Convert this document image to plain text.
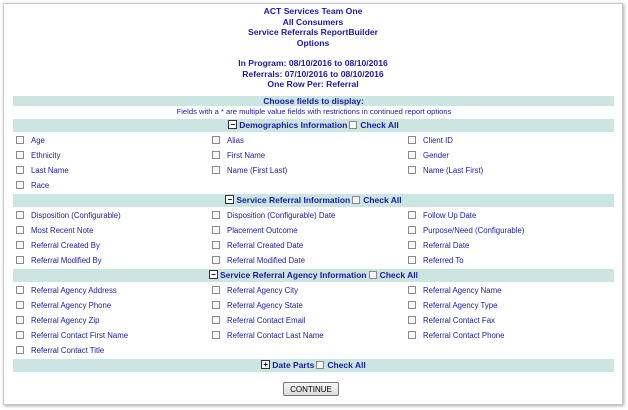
ACT Services Team One
All Consumers
Service Referrals ReportBuilder
Options
In Program: 08/10/2016 to 08/10/2016
Referrals: 07/10/2016 to 08/10/2016
One Row Per: Referral
Choose fields to display:
Fields with a * are multiple value fields with restrictions in continued report options
− Demographics Information Check All
Age	Alias	Client ID
Ethnicity	First Name	Gender
Last Name	Name (First Last)	Name (Last First)
Race
− Service Referral Information Check All
Disposition (Configurable)	Disposition (Configurable) Date	Follow Up Date
Most Recent Note	Placement Outcome	Purpose/Need (Configurable)
Referral Created By	Referral Created Date	Referral Date
Referral Modified By	Referral Modified Date	Referred To
− Service Referral Agency Information Check All
Referral Agency Address	Referral Agency City	Referral Agency Name
Referral Agency Phone	Referral Agency State	Referral Agency Type
Referral Agency Zip	Referral Contact Email	Referral Contact Fax
Referral Contact First Name	Referral Contact Last Name	Referral Contact Phone
Referral Contact Title
+ Date Parts Check All
CONTINUE
